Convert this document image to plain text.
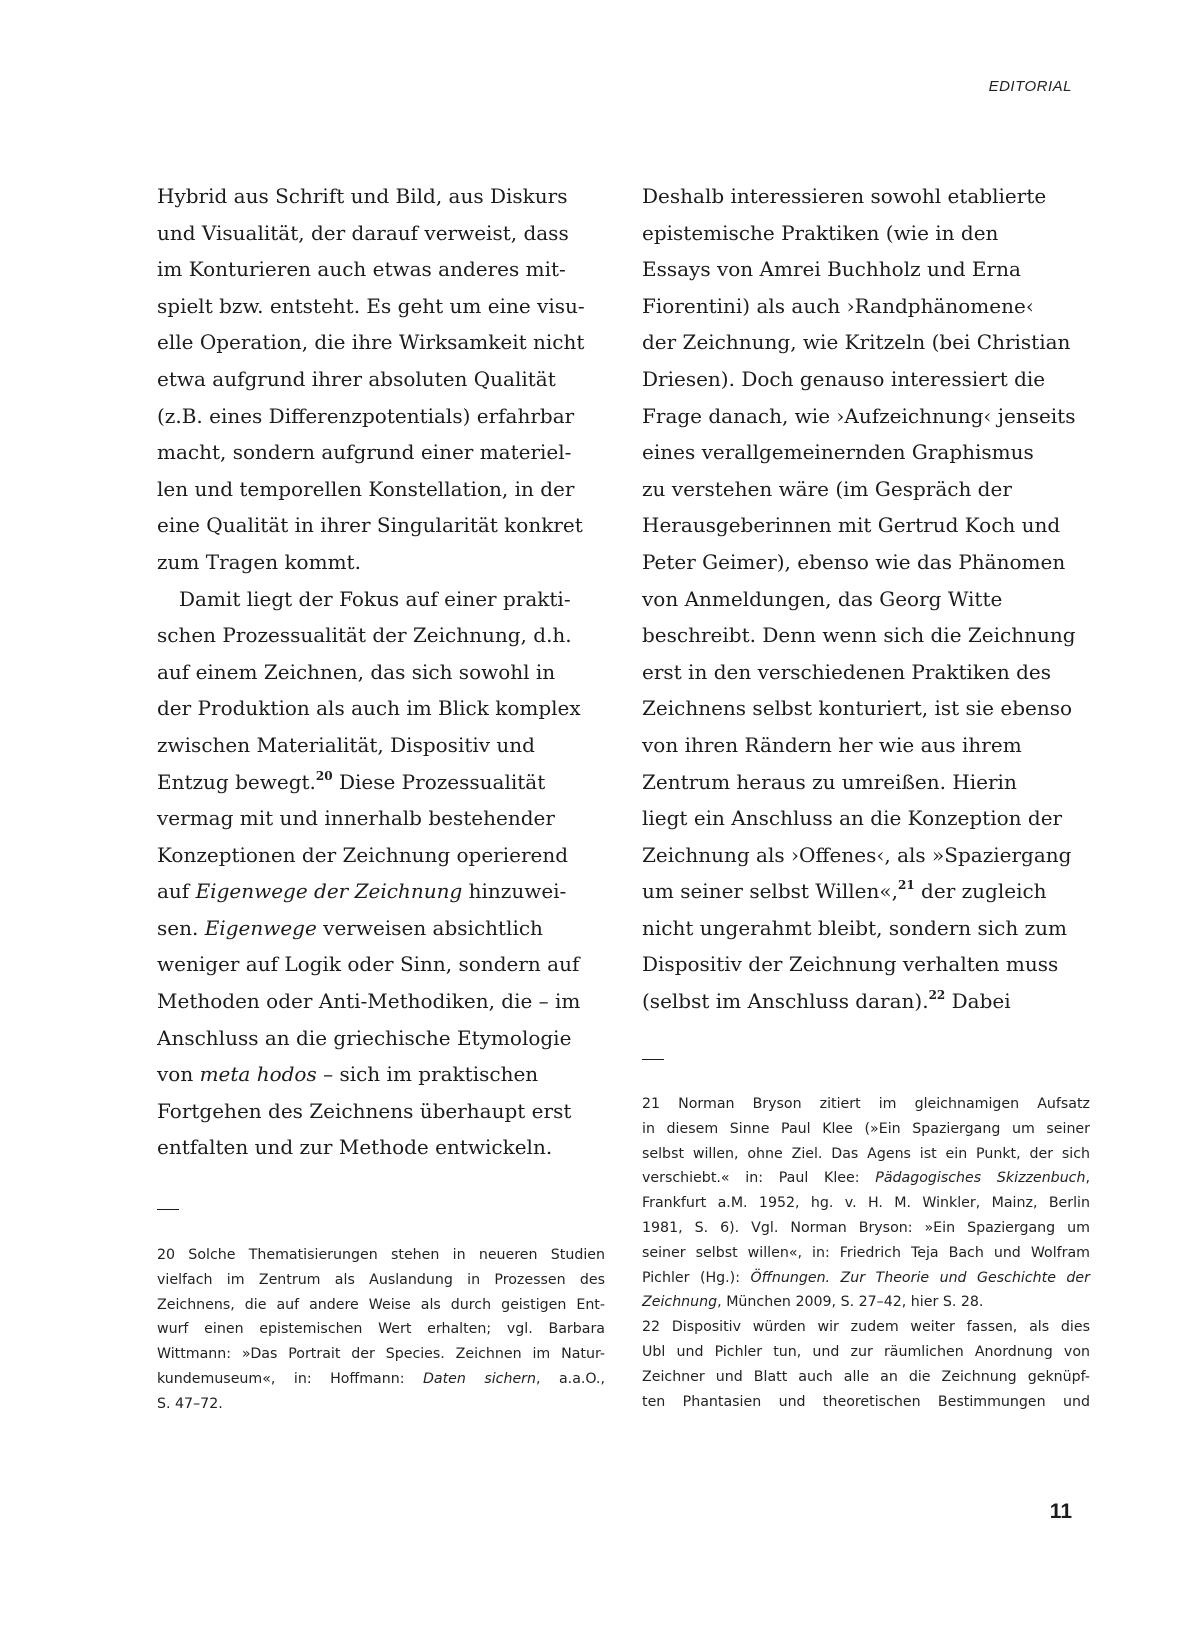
EDITORIAL

Hybrid aus Schrift und Bild, aus Diskurs
und Visualität, der darauf verweist, dass
im Konturieren auch etwas anderes mit-
spielt bzw. entsteht. Es geht um eine visu-
elle Operation, die ihre Wirksamkeit nicht
etwa aufgrund ihrer absoluten Qualität
(z.B. eines Differenzpotentials) erfahrbar
macht, sondern aufgrund einer materiel-
len und temporellen Konstellation, in der
eine Qualität in ihrer Singularität konkret
zum Tragen kommt.

Damit liegt der Fokus auf einer prakti-
schen Prozessualität der Zeichnung, d.h.
auf einem Zeichnen, das sich sowohl in
der Produktion als auch im Blick komplex
zwischen Materialität, Dispositiv und
Entzug bewegt.$^{20}$ Diese Prozessualität
vermag mit und innerhalb bestehender
Konzeptionen der Zeichnung operierend
auf Eigenwege der Zeichnung hinzuwei-
sen. Eigenwege verweisen absichtlich
weniger auf Logik oder Sinn, sondern auf
Methoden oder Anti-Methodiken, die – im
Anschluss an die griechische Etymologie
von meta hodos – sich im praktischen
Fortgehen des Zeichnens überhaupt erst
entfalten und zur Methode entwickeln.

Deshalb interessieren sowohl etablierte
epistemische Praktiken (wie in den
Essays von Amrei Buchholz und Erna
Fiorentini) als auch ›Randphänomene‹
der Zeichnung, wie Kritzeln (bei Christian
Driesen). Doch genauso interessiert die
Frage danach, wie ›Aufzeichnung‹ jenseits
eines verallgemeinernden Graphismus
zu verstehen wäre (im Gespräch der
Herausgeberinnen mit Gertrud Koch und
Peter Geimer), ebenso wie das Phänomen
von Anmeldungen, das Georg Witte
beschreibt. Denn wenn sich die Zeichnung
erst in den verschiedenen Praktiken des
Zeichnens selbst konturiert, ist sie ebenso
von ihren Rändern her wie aus ihrem
Zentrum heraus zu umreißen. Hierin
liegt ein Anschluss an die Konzeption der
Zeichnung als ›Offenes‹, als »Spaziergang
um seiner selbst Willen«,$^{21}$ der zugleich
nicht ungerahmt bleibt, sondern sich zum
Dispositiv der Zeichnung verhalten muss
(selbst im Anschluss daran).$^{22}$ Dabei

20 Solche Thematisierungen stehen in neueren Studien
vielfach im Zentrum als Auslandung in Prozessen des
Zeichnens, die auf andere Weise als durch geistigen Ent-
wurf einen epistemischen Wert erhalten; vgl. Barbara
Wittmann: »Das Portrait der Species. Zeichnen im Natur-
kundemuseum«, in: Hoffmann: Daten sichern, a.a.O.,
S. 47–72.

21 Norman Bryson zitiert im gleichnamigen Aufsatz
in diesem Sinne Paul Klee (»Ein Spaziergang um seiner
selbst willen, ohne Ziel. Das Agens ist ein Punkt, der sich
verschiebt.« in: Paul Klee: Pädagogisches Skizzenbuch,
Frankfurt a.M. 1952, hg. v. H. M. Winkler, Mainz, Berlin
1981, S. 6). Vgl. Norman Bryson: »Ein Spaziergang um
seiner selbst willen«, in: Friedrich Teja Bach und Wolfram
Pichler (Hg.): Öffnungen. Zur Theorie und Geschichte der
Zeichnung, München 2009, S. 27–42, hier S. 28.

22 Dispositiv würden wir zudem weiter fassen, als dies
Ubl und Pichler tun, und zur räumlichen Anordnung von
Zeichner und Blatt auch alle an die Zeichnung geknüpf-
ten Phantasien und theoretischen Bestimmungen und

11
